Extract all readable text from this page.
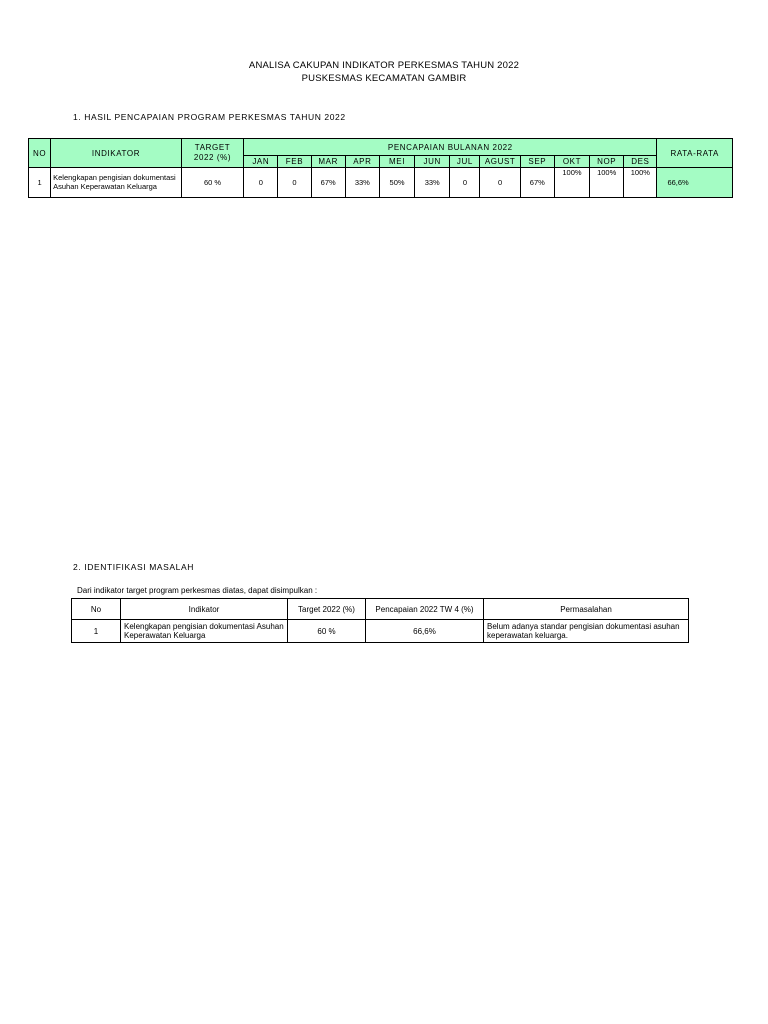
ANALISA CAKUPAN INDIKATOR PERKESMAS TAHUN 2022
PUSKESMAS KECAMATAN GAMBIR
1. HASIL PENCAPAIAN PROGRAM PERKESMAS TAHUN 2022
NO	INDIKATOR	TARGET
2022 (%)	PENCAPAIAN BULANAN 2022												RATA-RATA
			JAN	FEB	MAR	APR	MEI	JUN	JUL	AGUST	SEP	OKT	NOP	DES	
1	Kelengkapan pengisian dokumentasi Asuhan Keperawatan Keluarga	60 %	0	0	67%	33%	50%	33%	0	0	67%	100%	100%	100%	66,6%
2. IDENTIFIKASI MASALAH
Dari indikator target program perkesmas diatas, dapat disimpulkan :
No	Indikator	Target 2022 (%)	Pencapaian 2022 TW 4 (%)	Permasalahan
1	Kelengkapan pengisian dokumentasi Asuhan Keperawatan Keluarga	60 %	66,6%	Belum adanya standar pengisian dokumentasi asuhan keperawatan keluarga.
